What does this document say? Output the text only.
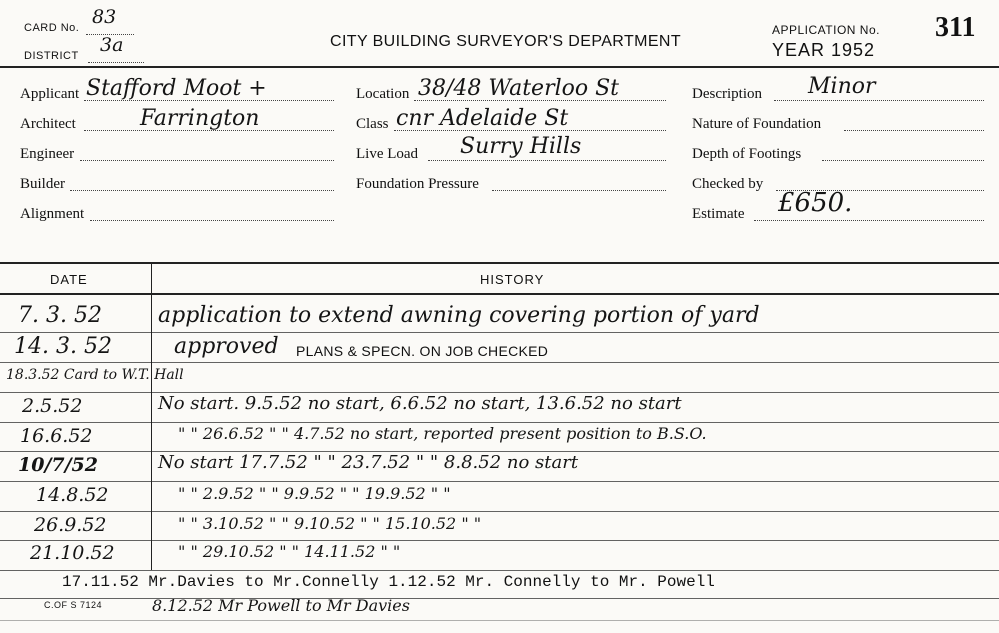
CARD No. 83
DISTRICT 3a	CITY BUILDING SURVEYOR'S DEPARTMENT
APPLICATION No. 311
YEAR 1952
Applicant Stafford Moot +
Architect	Farrington
Engineer
Builder
Alignment
Location 38/48 Waterloo St
Class cnr Adelaide St
Live Load Surry Hills
Foundation Pressure
Description Minor
Nature of Foundation
Depth of Footings
Checked by
Estimate £650.
DATE	HISTORY
7. 3. 52	application to extend awning covering portion of yard
14. 3. 52	approved PLANS & SPECN. ON JOB CHECKED
18.3.52 Card to W.T. Hall
2.5.52	No start. 9.5.52 no start, 6.6.52 no start, 13.6.52 no start
16.6.52	" " 26.6.52 " " 4.7.52 no start, reported present position to B.S.O.
10/7/52	No start 17.7.52 " " 23.7.52 " " 8.8.52 no start
14.8.52	" " 2.9.52 " " 9.9.52 " " 19.9.52 " "
26.9.52	" " 3.10.52 " " 9.10.52 " " 15.10.52 " "
21.10.52	" " 29.10.52 " " 14.11.52 " "
17.11.52 Mr.Davies to Mr.Connelly 1.12.52 Mr. Connelly to Mr. Powell
C.OF S 7124	8.12.52 Mr Powell to Mr Davies
